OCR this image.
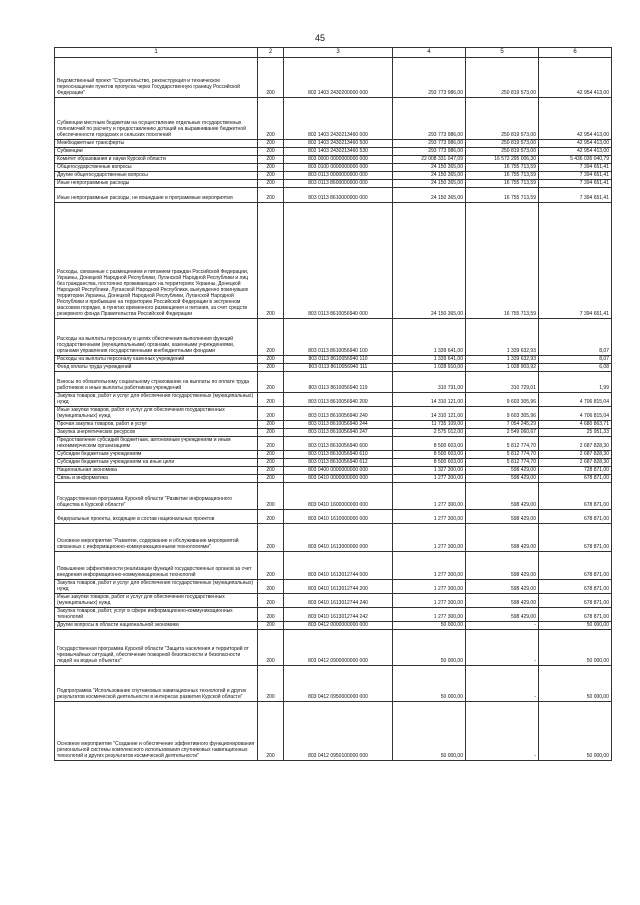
45
1	2	3	4	5	6
Ведомственный проект "Строительство, реконструкция и техническое переоснащение пунктов пропуска через Государственную границу Российской Федерации"	200	802 1403 2430200000 000	293 773 986,00	250 819 573,00	42 954 413,00
Субвенции местным бюджетам на осуществление отдельных государственных полномочий по расчету и предоставлению дотаций на выравнивание бюджетной обеспеченности городских и сельских поселений	200	802 1403 2430213460 000	293 773 986,00	250 819 573,00	42 954 413,00
Межбюджетные трансферты	200	802 1403 2430213460 500	293 773 986,00	250 819 573,00	42 954 413,00
Субвенции	200	802 1403 2430213460 530	293 773 986,00	250 819 573,00	42 954 413,00
Комитет образования и науки Курской области	200	803 0000 0000000000 000	22 008 331 047,09	16 572 295 006,30	5 436 036 040,79
Общегосударственные вопросы	200	803 0100 0000000000 000	24 150 365,00	16 755 713,59	7 394 651,41
Другие общегосударственные вопросы	200	803 0113 0000000000 000	24 150 365,00	16 755 713,59	7 394 651,41
Иные непрограммные расходы	200	803 0113 8600000000 000	24 150 365,00	16 755 713,59	7 394 651,41
Иные непрограммные расходы, не вошедшие в программные мероприятия	200	803 0113 8610000000 000	24 150 365,00	16 755 713,59	7 394 651,41
Расходы, связанные с размещением и питанием граждан Российской Федерации, Украины, Донецкой Народной Республики, Луганской Народной Республики и лиц без гражданства, постоянно проживающих на территориях Украины, Донецкой Народной Республики, Луганской Народной Республики, вынужденно покинувших территории Украины, Донецкой Народной Республики, Луганской Народной Республики и прибывших на территорию Российской Федерации в экстренном массовом порядке, в пунктах временного размещения и питания, за счет средств резервного фонда Правительства Российской Федерации	200	803 0113 8610056940 000	24 150 365,00	16 755 713,59	7 394 651,41
Расходы на выплаты персоналу в целях обеспечения выполнения функций государственными (муниципальными) органами, казенными учреждениями, органами управления государственными внебюджетными фондами	200	803 0113 8610056940 100	1 339 641,00	1 339 632,93	8,07
Расходы на выплаты персоналу казенных учреждений	200	803 0113 8610056940 110	1 339 641,00	1 339 632,93	8,07
Фонд оплаты труда учреждений	200	803 0113 8610056940 111	1 028 910,00	1 028 903,92	6,08
Взносы по обязательному социальному страхованию на выплаты по оплате труда работников и иные выплаты работникам учреждений	200	803 0113 8610056940 119	310 731,00	310 729,01	1,99
Закупка товаров, работ и услуг для обеспечения государственных (муниципальных) нужд	200	803 0113 8610056940 200	14 310 121,00	9 603 305,96	4 706 815,04
Иные закупки товаров, работ и услуг для обеспечения государственных (муниципальных) нужд	200	803 0113 8610056940 240	14 310 121,00	9 603 305,96	4 706 815,04
Прочая закупка товаров, работ и услуг	200	803 0113 8610056940 244	11 735 109,00	7 054 245,29	4 680 863,71
Закупка энергетических ресурсов	200	803 0113 8610056940 247	2 575 012,00	2 549 060,67	25 951,33
Предоставление субсидий бюджетным, автономным учреждениям и иным некоммерческим организациям	200	803 0113 8610056940 600	8 500 603,00	5 812 774,70	2 687 828,30
Субсидии бюджетным учреждениям	200	803 0113 8610056940 610	8 500 603,00	5 812 774,70	2 687 828,30
Субсидии бюджетным учреждениям на иные цели	200	803 0113 8610056940 612	8 500 603,00	5 812 774,70	2 687 828,30
Национальная экономика	200	803 0400 0000000000 000	1 327 300,00	598 429,00	728 871,00
Связь и информатика	200	803 0410 0000000000 000	1 277 300,00	598 429,00	678 871,00
Государственная программа Курской области "Развитие информационного общества в Курской области"	200	803 0410 1600000000 000	1 277 300,00	598 429,00	678 871,00
Федеральные проекты, входящие в состав национальных проектов	200	803 0410 1610000000 000	1 277 300,00	598 429,00	678 871,00
Основное мероприятие "Развитие, содержание и обслуживание мероприятий связанных с информационно-коммуникационными технологиями"	200	803 0410 1613000000 000	1 277 300,00	598 429,00	678 871,00
Повышение эффективности реализации функций государственных органов за счет внедрения информационно-коммуникационных технологий	200	803 0410 1613012744 000	1 277 300,00	598 429,00	678 871,00
Закупка товаров, работ и услуг для обеспечения государственных (муниципальных) нужд	200	803 0410 1613012744 200	1 277 300,00	598 429,00	678 871,00
Иные закупки товаров, работ и услуг для обеспечения государственных (муниципальных) нужд	200	803 0410 1613012744 240	1 277 300,00	598 429,00	678 871,00
Закупка товаров, работ, услуг в сфере информационно-коммуникационных технологий	200	803 0410 1613012744 242	1 277 300,00	598 429,00	678 871,00
Другие вопросы в области национальной экономики	200	803 0412 0000000000 000	50 000,00	-	50 000,00
Государственная программа Курской области "Защита населения и территорий от чрезвычайных ситуаций, обеспечение пожарной безопасности и безопасности людей на водных объектах"	200	803 0412 0900000000 000	50 000,00	-	50 000,00
Подпрограмма "Использование спутниковых навигационных технологий и других результатов космической деятельности в интересах развития Курской области"	200	803 0412 0950000000 000	50 000,00	-	50 000,00
Основное мероприятие "Создание и обеспечение эффективного функционирования региональной системы комплексного использования спутниковых навигационных технологий и других результатов космической деятельности"	200	803 0412 0950100000 000	50 000,00	-	50 000,00
